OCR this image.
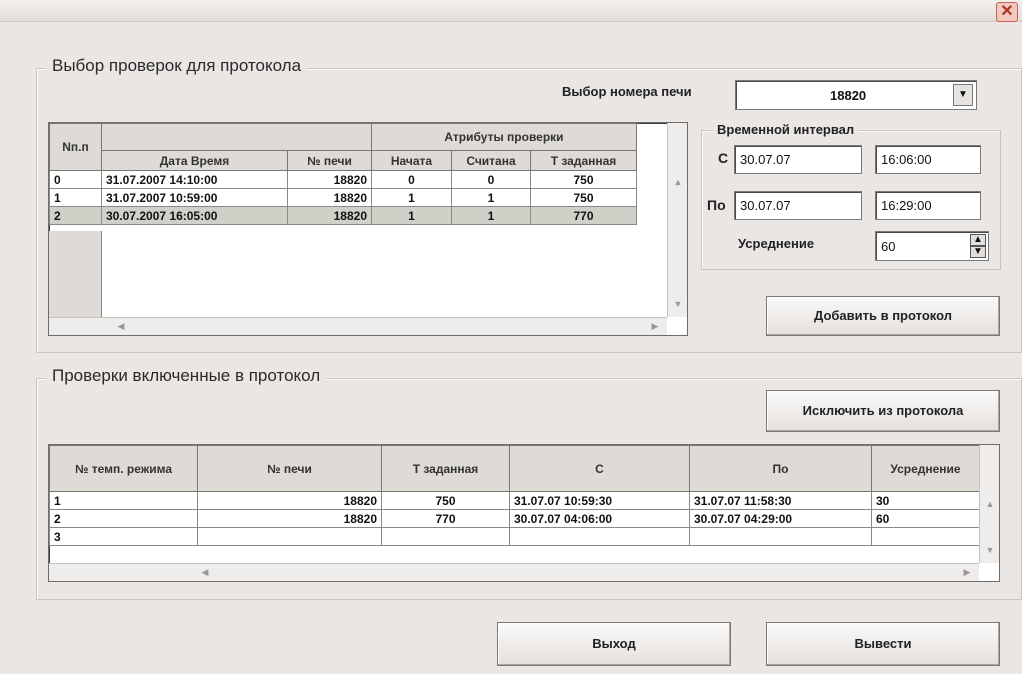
✕
Выбор проверок для протокола
Выбор номера печи	18820	▼
Nп.п			Атрибуты проверки		
	Дата Время	№ печи	Начата	Считана	Т заданная
0	31.07.2007 14:10:00	18820	0	0	750
1	31.07.2007 10:59:00	18820	1	1	750
2	30.07.2007 16:05:00	18820	1	1	770
▲
▼
◀	▶
Временной интервал
С 30.07.07	16:06:00
По	30.07.07	16:29:00
Усреднение	60	▲
▼
Добавить в протокол
Проверки включенные в протокол
Исключить из протокола
№ темп. режима	№ печи	Т заданная	С	По	Усреднение
1	18820	750	31.07.07 10:59:30	31.07.07 11:58:30	30
2	18820	770	30.07.07 04:06:00	30.07.07 04:29:00	60
3					
▲
▼
◀	▶
Выход	Вывести
